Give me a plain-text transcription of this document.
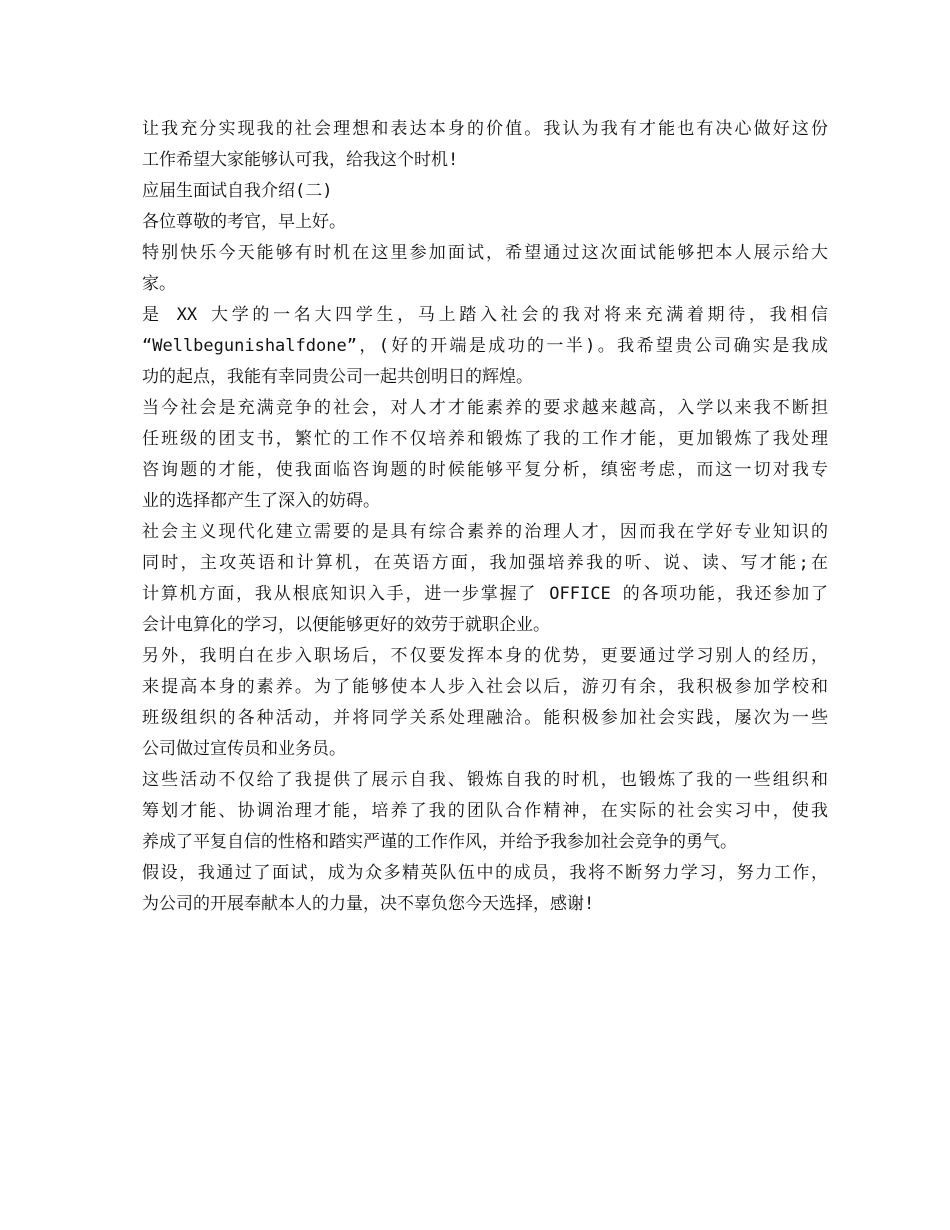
让我充分实现我的社会理想和表达本身的价值。我认为我有才能也有决心做好这份
工作希望大家能够认可我，给我这个时机!
应届生面试自我介绍(二)
各位尊敬的考官，早上好。
特别快乐今天能够有时机在这里参加面试，希望通过这次面试能够把本人展示给大
家。
是 XX 大学的一名大四学生，马上踏入社会的我对将来充满着期待，我相信
“Wellbegunishalfdone”，(好的开端是成功的一半)。我希望贵公司确实是我成
功的起点，我能有幸同贵公司一起共创明日的辉煌。
当今社会是充满竞争的社会，对人才才能素养的要求越来越高，入学以来我不断担
任班级的团支书，繁忙的工作不仅培养和锻炼了我的工作才能，更加锻炼了我处理
咨询题的才能，使我面临咨询题的时候能够平复分析，缜密考虑，而这一切对我专
业的选择都产生了深入的妨碍。
社会主义现代化建立需要的是具有综合素养的治理人才，因而我在学好专业知识的
同时，主攻英语和计算机，在英语方面，我加强培养我的听、说、读、写才能;在
计算机方面，我从根底知识入手，进一步掌握了 OFFICE 的各项功能，我还参加了
会计电算化的学习，以便能够更好的效劳于就职企业。
另外，我明白在步入职场后，不仅要发挥本身的优势，更要通过学习别人的经历，
来提高本身的素养。为了能够使本人步入社会以后，游刃有余，我积极参加学校和
班级组织的各种活动，并将同学关系处理融洽。能积极参加社会实践，屡次为一些
公司做过宣传员和业务员。
这些活动不仅给了我提供了展示自我、锻炼自我的时机，也锻炼了我的一些组织和
筹划才能、协调治理才能，培养了我的团队合作精神，在实际的社会实习中，使我
养成了平复自信的性格和踏实严谨的工作作风，并给予我参加社会竞争的勇气。
假设，我通过了面试，成为众多精英队伍中的成员，我将不断努力学习，努力工作，
为公司的开展奉献本人的力量，决不辜负您今天选择，感谢!
